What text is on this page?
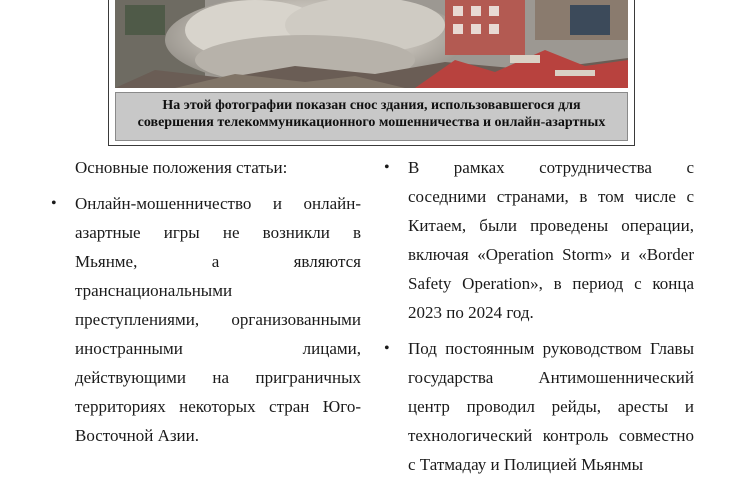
На этой фотографии показан снос здания, использовавшегося для
совершения телекоммуникационного мошенничества и онлайн-азартных

Основные положения статьи:

• Онлайн-мошенничество и онлайн-
азартные игры не возникли в
Мьянме, а являются
транснациональными
преступлениями, организованными
иностранными лицами,
действующими на приграничных
территориях некоторых стран Юго-
Восточной Азии.
• В рамках сотрудничества с
соседними странами, в том числе с
Китаем, были проведены операции,
включая «Operation Storm» и «Border
Safety Operation», в период с конца
2023 по 2024 год.
• Под постоянным руководством Главы
государства Антимошеннический
центр проводил рейды, аресты и
технологический контроль совместно
с Татмадау и Полицией Мьянмы
